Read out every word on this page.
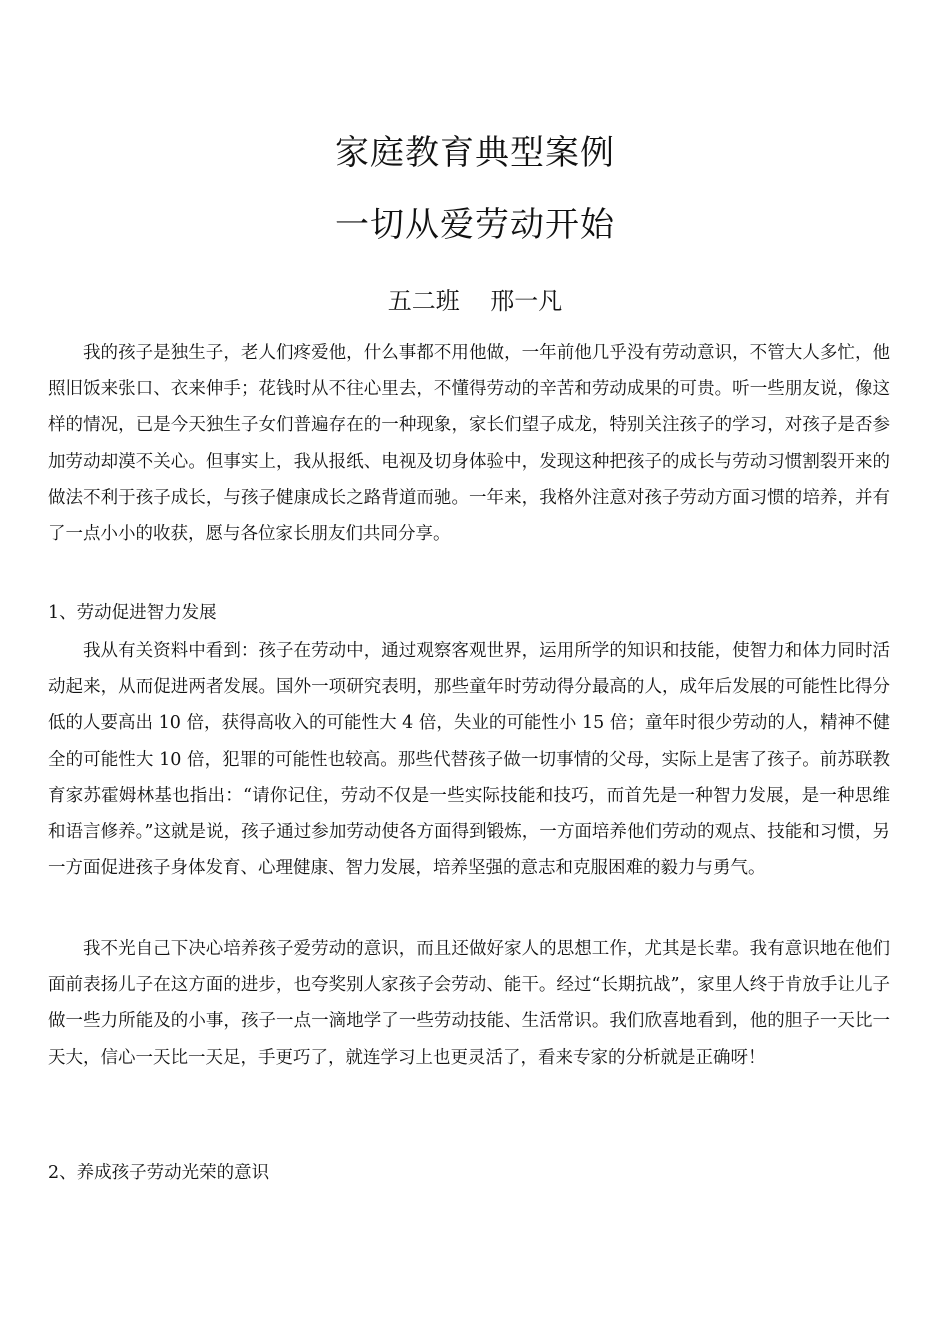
家庭教育典型案例
一切从爱劳动开始

五二班    邢一凡

我的孩子是独生子，老人们疼爱他，什么事都不用他做，一年前他几乎没有劳动意识，不管大人多忙，他照旧饭来张口、衣来伸手；花钱时从不往心里去，不懂得劳动的辛苦和劳动成果的可贵。听一些朋友说，像这样的情况，已是今天独生子女们普遍存在的一种现象，家长们望子成龙，特别关注孩子的学习，对孩子是否参加劳动却漠不关心。但事实上，我从报纸、电视及切身体验中，发现这种把孩子的成长与劳动习惯割裂开来的做法不利于孩子成长，与孩子健康成长之路背道而驰。一年来，我格外注意对孩子劳动方面习惯的培养，并有了一点小小的收获，愿与各位家长朋友们共同分享。

1、劳动促进智力发展

我从有关资料中看到：孩子在劳动中，通过观察客观世界，运用所学的知识和技能，使智力和体力同时活动起来，从而促进两者发展。国外一项研究表明，那些童年时劳动得分最高的人，成年后发展的可能性比得分低的人要高出 10 倍，获得高收入的可能性大 4 倍，失业的可能性小 15 倍；童年时很少劳动的人，精神不健全的可能性大 10 倍，犯罪的可能性也较高。那些代替孩子做一切事情的父母，实际上是害了孩子。前苏联教育家苏霍姆林基也指出：“请你记住，劳动不仅是一些实际技能和技巧，而首先是一种智力发展，是一种思维和语言修养。”这就是说，孩子通过参加劳动使各方面得到锻炼，一方面培养他们劳动的观点、技能和习惯，另一方面促进孩子身体发育、心理健康、智力发展，培养坚强的意志和克服困难的毅力与勇气。

我不光自己下决心培养孩子爱劳动的意识，而且还做好家人的思想工作，尤其是长辈。我有意识地在他们面前表扬儿子在这方面的进步，也夸奖别人家孩子会劳动、能干。经过“长期抗战”，家里人终于肯放手让儿子做一些力所能及的小事，孩子一点一滴地学了一些劳动技能、生活常识。我们欣喜地看到，他的胆子一天比一天大，信心一天比一天足，手更巧了，就连学习上也更灵活了，看来专家的分析就是正确呀！

2、养成孩子劳动光荣的意识
